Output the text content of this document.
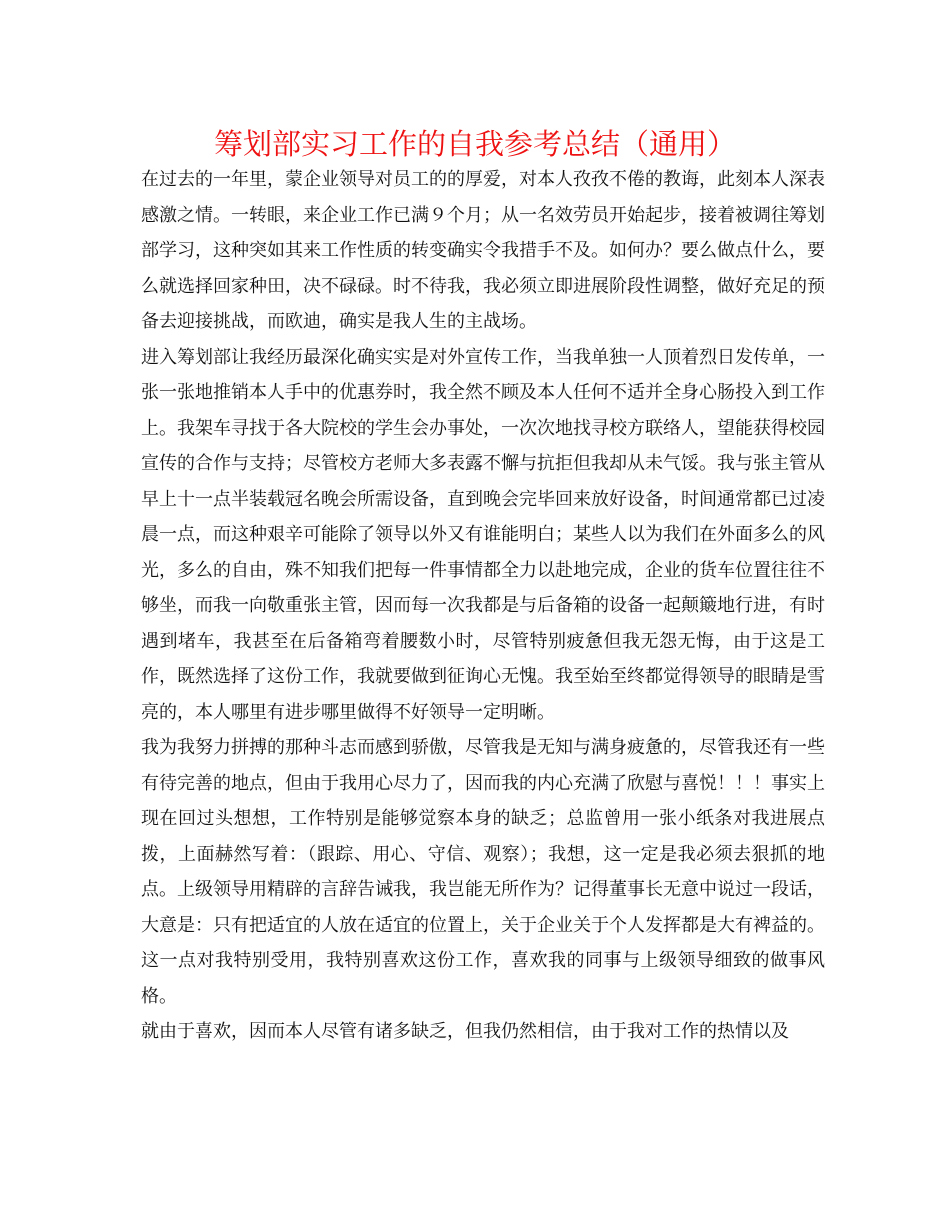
筹划部实习工作的自我参考总结（通用）

在过去的一年里，蒙企业领导对员工的的厚爱，对本人孜孜不倦的教诲，此刻本人深表感激之情。一转眼，来企业工作已满９个月；从一名效劳员开始起步，接着被调往筹划部学习，这种突如其来工作性质的转变确实令我措手不及。如何办？要么做点什么，要么就选择回家种田，决不碌碌。时不待我，我必须立即进展阶段性调整，做好充足的预备去迎接挑战，而欧迪，确实是我人生的主战场。

进入筹划部让我经历最深化确实实是对外宣传工作，当我单独一人顶着烈日发传单，一张一张地推销本人手中的优惠券时，我全然不顾及本人任何不适并全身心肠投入到工作上。我架车寻找于各大院校的学生会办事处，一次次地找寻校方联络人，望能获得校园宣传的合作与支持；尽管校方老师大多表露不懈与抗拒但我却从未气馁。我与张主管从早上十一点半装载冠名晚会所需设备，直到晚会完毕回来放好设备，时间通常都已过凌晨一点，而这种艰辛可能除了领导以外又有谁能明白；某些人以为我们在外面多么的风光，多么的自由，殊不知我们把每一件事情都全力以赴地完成，企业的货车位置往往不够坐，而我一向敬重张主管，因而每一次我都是与后备箱的设备一起颠簸地行进，有时遇到堵车，我甚至在后备箱弯着腰数小时，尽管特别疲惫但我无怨无悔，由于这是工作，既然选择了这份工作，我就要做到征询心无愧。我至始至终都觉得领导的眼睛是雪亮的，本人哪里有进步哪里做得不好领导一定明晰。

我为我努力拼搏的那种斗志而感到骄傲，尽管我是无知与满身疲惫的，尽管我还有一些有待完善的地点，但由于我用心尽力了，因而我的内心充满了欣慰与喜悦！！！事实上现在回过头想想，工作特别是能够觉察本身的缺乏；总监曾用一张小纸条对我进展点拨，上面赫然写着：（跟踪、用心、守信、观察）；我想，这一定是我必须去狠抓的地点。上级领导用精辟的言辞告诫我，我岂能无所作为？记得董事长无意中说过一段话，大意是：只有把适宜的人放在适宜的位置上，关于企业关于个人发挥都是大有裨益的。这一点对我特别受用，我特别喜欢这份工作，喜欢我的同事与上级领导细致的做事风格。

就由于喜欢，因而本人尽管有诸多缺乏，但我仍然相信，由于我对工作的热情以及
